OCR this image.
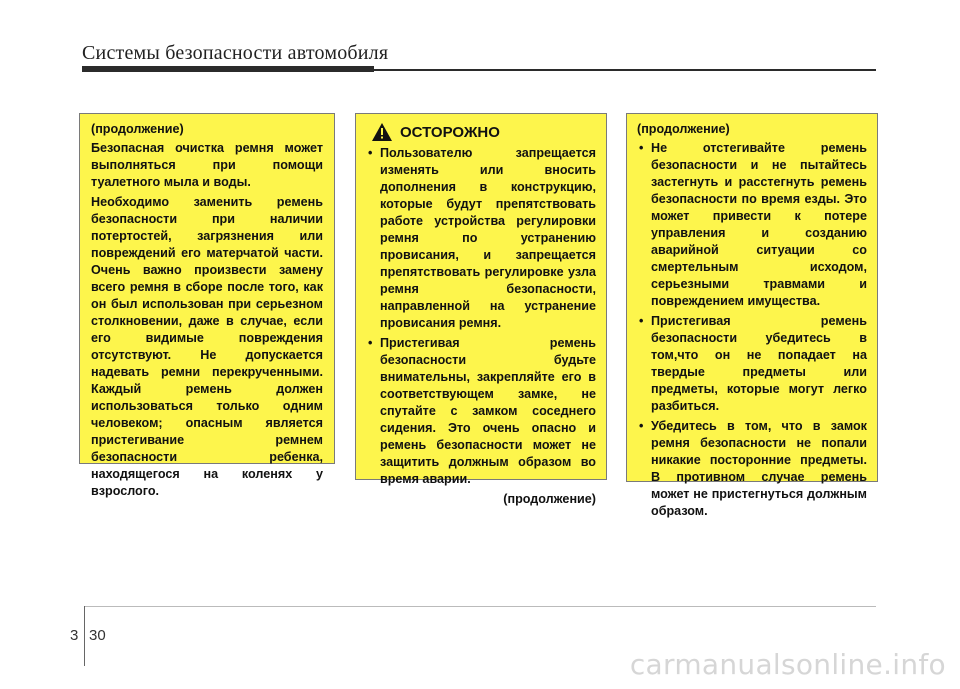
Системы безопасности автомобиля
(продолжение)

Безопасная очистка ремня может выполняться при помощи туалетного мыла и воды.

Необходимо заменить ремень безопасности при наличии потертостей, загрязнения или повреждений его матерчатой части. Очень важно произвести замену всего ремня в сборе после того, как он был использован при серьезном столкновении, даже в случае, если его видимые повреждения отсутствуют. Не допускается надевать ремни перекрученными. Каждый ремень должен использоваться только одним человеком; опасным является пристегивание ремнем безопасности ребенка, находящегося на коленях у взрослого.

ОСТОРОЖНО
• Пользователю запрещается изменять или вносить дополнения в конструкцию, которые будут препятствовать работе устройства регулировки ремня по устранению провисания, и запрещается препятствовать регулировке узла ремня безопасности, направленной на устранение провисания ремня.
• Пристегивая ремень безопасности будьте внимательны, закрепляйте его в соответствующем замке, не спутайте с замком соседнего сидения. Это очень опасно и ремень безопасности может не защитить должным образом во время аварии.
(продолжение)
(продолжение)
• Не отстегивайте ремень безопасности и не пытайтесь застегнуть и расстегнуть ремень безопасности по время езды. Это может привести к потере управления и созданию аварийной ситуации со смертельным исходом, серьезными травмами и повреждением имущества.
• Пристегивая ремень безопасности убедитесь в том,что он не попадает на твердые предметы или предметы, которые могут легко разбиться.
• Убедитесь в том, что в замок ремня безопасности не попали никакие посторонние предметы. В противном случае ремень может не пристегнуться должным образом.
3 30
carmanualsonline.info
